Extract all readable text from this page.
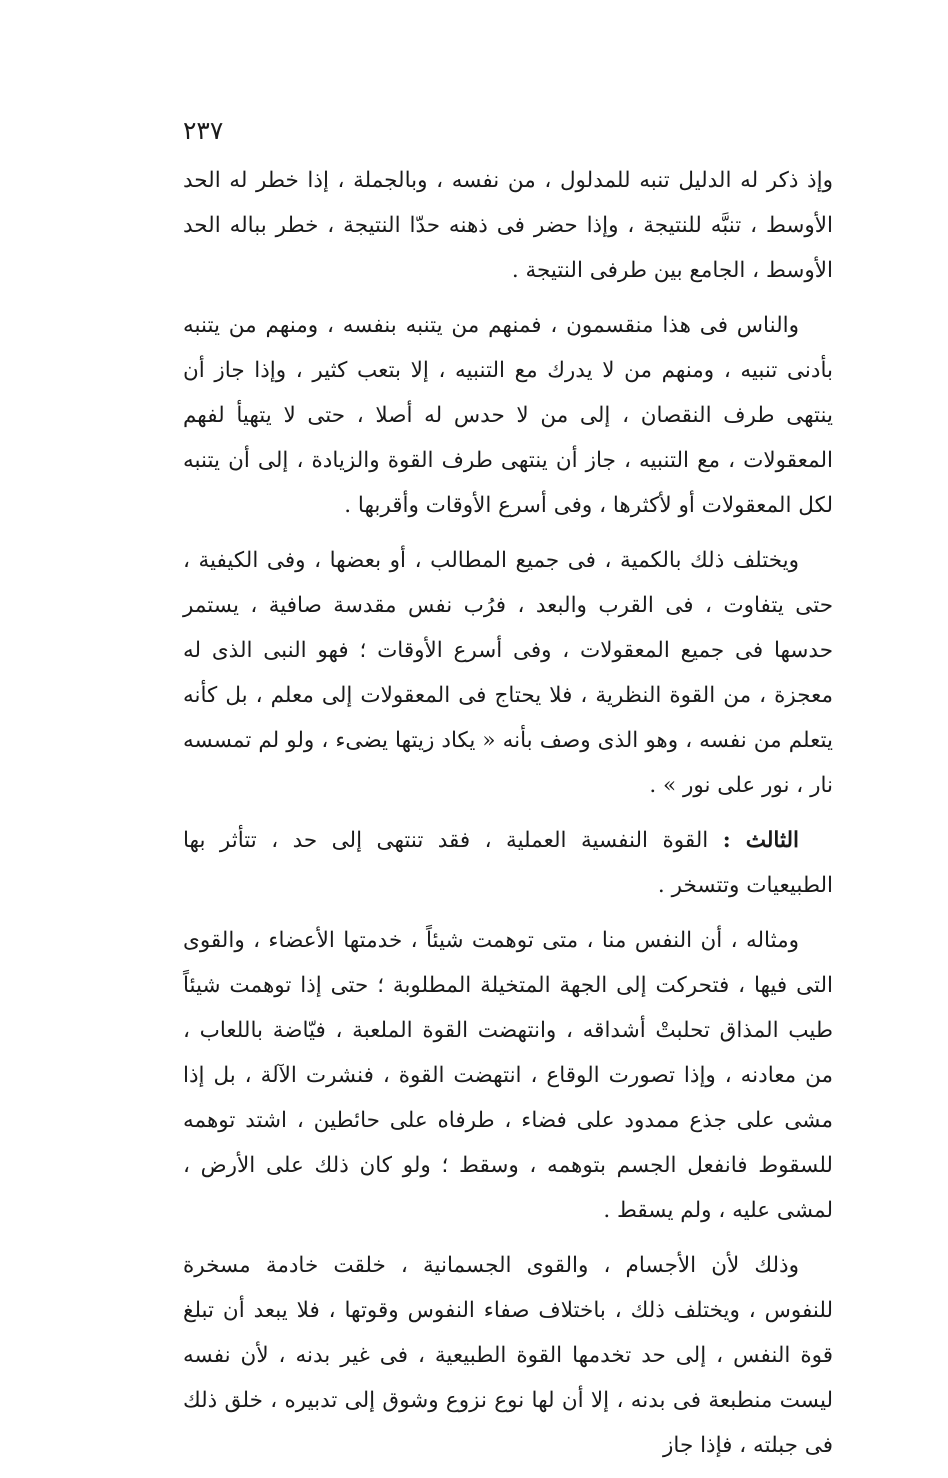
٢٣٧

وإذ ذكر له الدليل تنبه للمدلول ، من نفسه ، وبالجملة ، إذا خطر له الحد الأوسط ، تنبَّه للنتيجة ، وإذا حضر فى ذهنه حدّا النتيجة ، خطر بباله الحد الأوسط ، الجامع بين طرفى النتيجة .

والناس فى هذا منقسمون ، فمنهم من يتنبه بنفسه ، ومنهم من يتنبه بأدنى تنبيه ، ومنهم من لا يدرك مع التنبيه ، إلا بتعب كثير ، وإذا جاز أن ينتهى طرف النقصان ، إلى من لا حدس له أصلا ، حتى لا يتهيأ لفهم المعقولات ، مع التنبيه ، جاز أن ينتهى طرف القوة والزيادة ، إلى أن يتنبه لكل المعقولات أو لأكثرها ، وفى أسرع الأوقات وأقربها .

ويختلف ذلك بالكمية ، فى جميع المطالب ، أو بعضها ، وفى الكيفية ، حتى يتفاوت ، فى القرب والبعد ، فرُب نفس مقدسة صافية ، يستمر حدسها فى جميع المعقولات ، وفى أسرع الأوقات ؛ فهو النبى الذى له معجزة ، من القوة النظرية ، فلا يحتاج فى المعقولات إلى معلم ، بل كأنه يتعلم من نفسه ، وهو الذى وصف بأنه « يكاد زيتها يضىء ، ولو لم تمسسه نار ، نور على نور » .

الثالث : القوة النفسية العملية ، فقد تنتهى إلى حد ، تتأثر بها الطبيعيات وتتسخر .

ومثاله ، أن النفس منا ، متى توهمت شيئاً ، خدمتها الأعضاء ، والقوى التى فيها ، فتحركت إلى الجهة المتخيلة المطلوبة ؛ حتى إذا توهمت شيئاً طيب المذاق تحلبتْ أشداقه ، وانتهضت القوة الملعبة ، فيّاضة باللعاب ، من معادنه ، وإذا تصورت الوقاع ، انتهضت القوة ، فنشرت الآلة ، بل إذا مشى على جذع ممدود على فضاء ، طرفاه على حائطين ، اشتد توهمه للسقوط فانفعل الجسم بتوهمه ، وسقط ؛ ولو كان ذلك على الأرض ، لمشى عليه ، ولم يسقط .

وذلك لأن الأجسام ، والقوى الجسمانية ، خلقت خادمة مسخرة للنفوس ، ويختلف ذلك ، باختلاف صفاء النفوس وقوتها ، فلا يبعد أن تبلغ قوة النفس ، إلى حد تخدمها القوة الطبيعية ، فى غير بدنه ، لأن نفسه ليست منطبعة فى بدنه ، إلا أن لها نوع نزوع وشوق إلى تدبيره ، خلق ذلك فى جبلته ، فإذا جاز
